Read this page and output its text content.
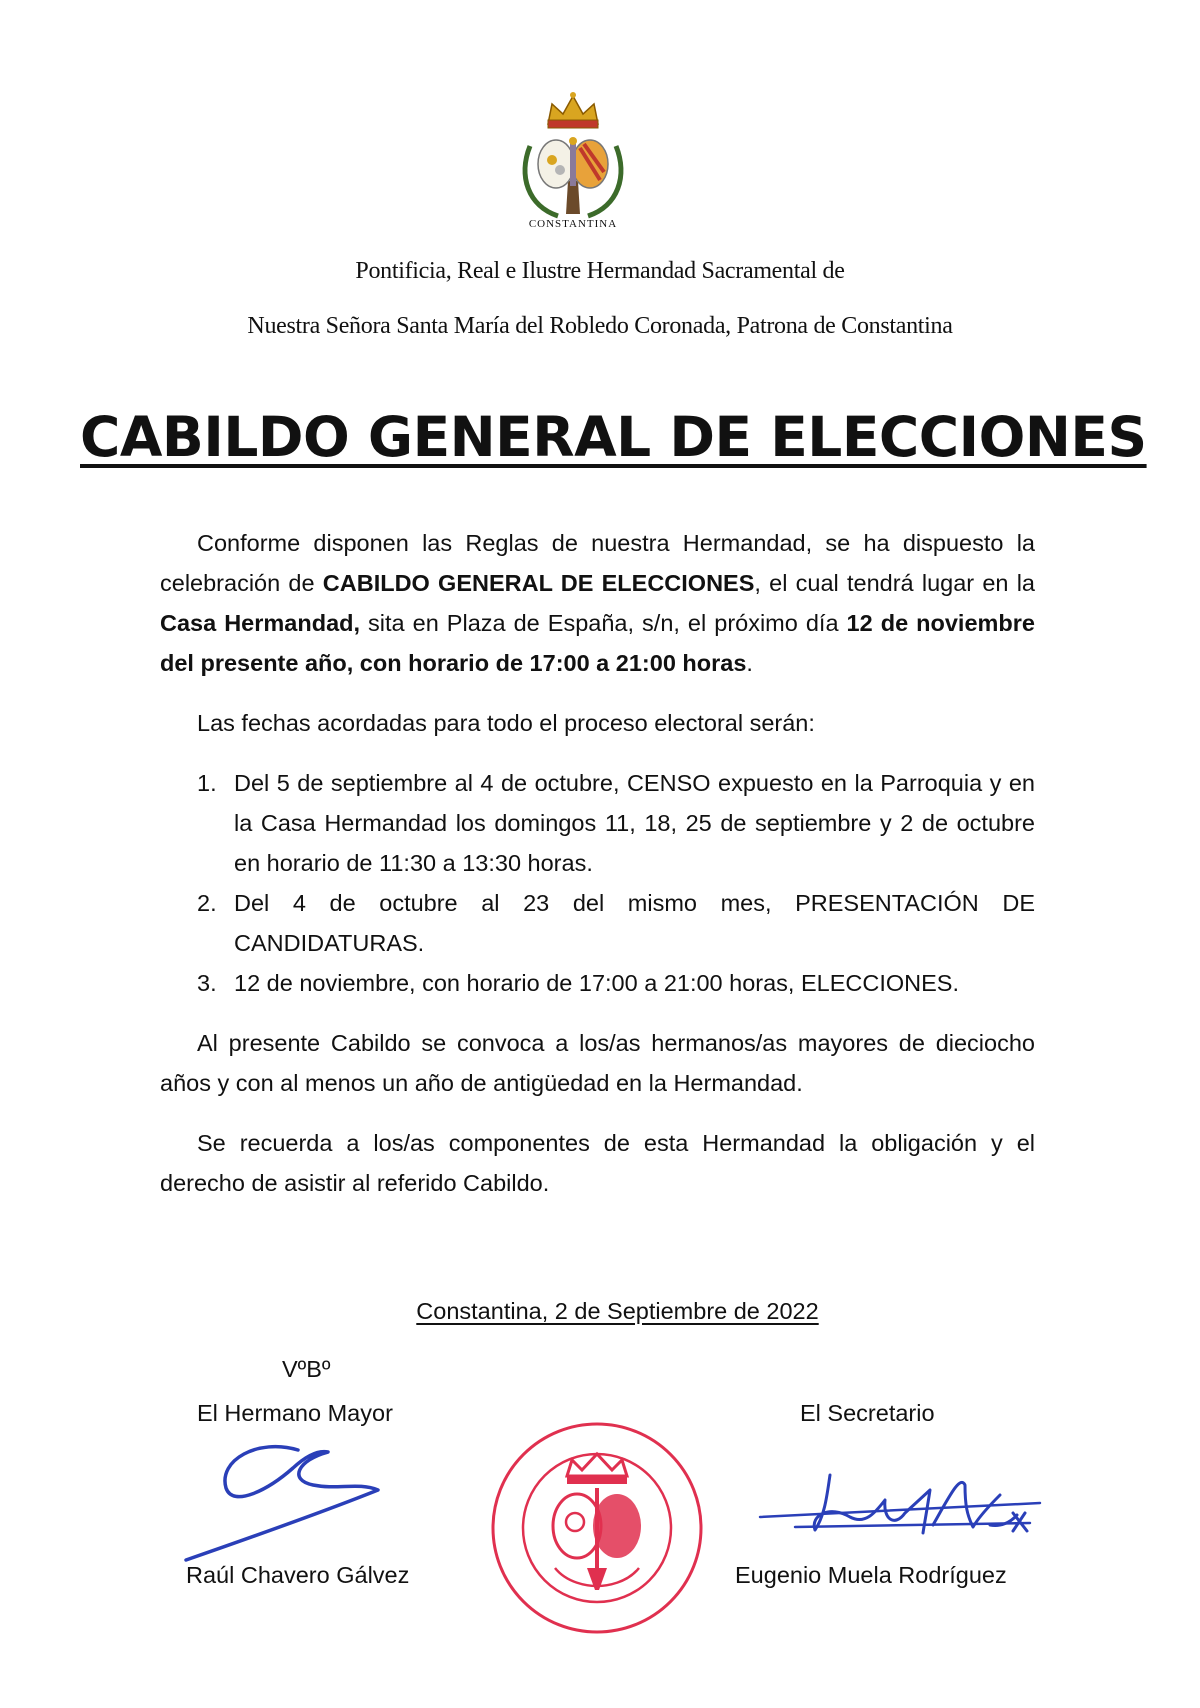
CONSTANTINA
Pontificia, Real e Ilustre Hermandad Sacramental de
Nuestra Señora Santa María del Robledo Coronada, Patrona de Constantina
CABILDO GENERAL DE ELECCIONES

Conforme disponen las Reglas de nuestra Hermandad, se ha dispuesto la celebración de CABILDO GENERAL DE ELECCIONES, el cual tendrá lugar en la Casa Hermandad, sita en Plaza de España, s/n, el próximo día 12 de noviembre del presente año, con horario de 17:00 a 21:00 horas.

Las fechas acordadas para todo el proceso electoral serán:

1. Del 5 de septiembre al 4 de octubre, CENSO expuesto en la Parroquia y en la Casa Hermandad los domingos 11, 18, 25 de septiembre y 2 de octubre en horario de 11:30 a 13:30 horas.
2. Del 4 de octubre al 23 del mismo mes, PRESENTACIÓN DE CANDIDATURAS.
3. 12 de noviembre, con horario de 17:00 a 21:00 horas, ELECCIONES.

Al presente Cabildo se convoca a los/as hermanos/as mayores de dieciocho años y con al menos un año de antigüedad en la Hermandad.

Se recuerda a los/as componentes de esta Hermandad la obligación y el derecho de asistir al referido Cabildo.

Constantina, 2 de Septiembre de 2022
VºBº
El Hermano Mayor	El Secretario
Raúl Chavero Gálvez	Eugenio Muela Rodríguez
